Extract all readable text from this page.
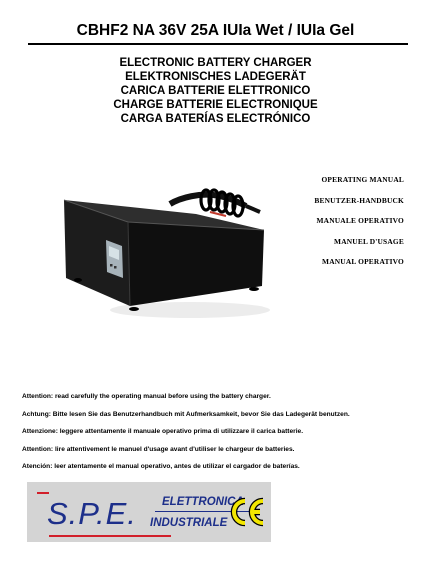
CBHF2 NA 36V 25A IUIa Wet / IUIa Gel
ELECTRONIC BATTERY CHARGER
ELEKTRONISCHES LADEGERÄT
CARICA BATTERIE ELETTRONICO
CHARGE BATTERIE ELECTRONIQUE
CARGA BATERÍAS ELECTRÓNICO
OPERATING MANUAL
BENUTZER-HANDBUCK
MANUALE OPERATIVO
MANUEL D'USAGE
MANUAL OPERATIVO
Attention: read carefully the operating manual before using the battery charger.
Achtung: Bitte lesen Sie das Benutzerhandbuch mit Aufmerksamkeit, bevor Sie das Ladegerät benutzen.
Attenzione: leggere attentamente il manuale operativo prima di utilizzare il carica batterie.
Attention: lire attentivement le manuel d'usage avant d'utiliser le chargeur de batteries.
Atención: leer atentamente el manual operativo, antes de utilizar el cargador de baterías.
S.P.E. ELETTRONICA
INDUSTRIALE
